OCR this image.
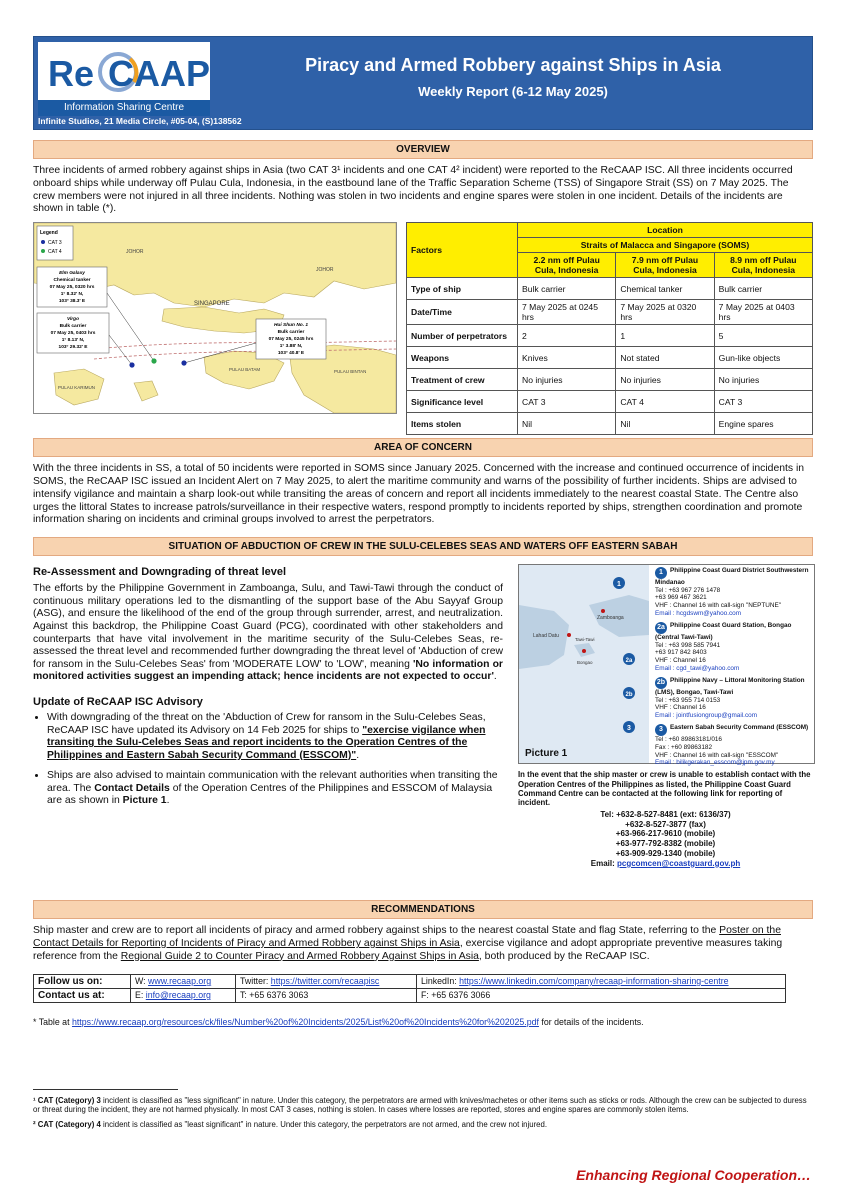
Re CAAP
Information Sharing Centre
Piracy and Armed Robbery against Ships in Asia
Weekly Report (6-12 May 2025)
Infinite Studios, 21 Media Circle, #05-04, (S)138562
OVERVIEW
Three incidents of armed robbery against ships in Asia (two CAT 3¹ incidents and one CAT 4² incident) were reported to the ReCAAP ISC. All three incidents occurred onboard ships while underway off Pulau Cula, Indonesia, in the eastbound lane of the Traffic Separation Scheme (TSS) of Singapore Strait (SS) on 7 May 2025. The crew members were not injured in all three incidents. Nothing was stolen in two incidents and engine spares were stolen in one incident. Details of the incidents are shown in table (*).
Legend
CAT 3
CAT 4	JOHOR
JOHOR
SINGAPORE
PULAU BATAM	PULAU BINTAN
PULAU KARIMUN
Elm Galaxy
Chemical tanker
07 May 25, 0320 hrs
1° 8.32' N,
103° 38.3' E
Virgo
Bulk carrier
07 May 25, 0403 hrs
1° 8.13' N,
103° 29.32' E
Hui Shun No. 1
Bulk carrier
07 May 25, 0245 hrs
1° 3.88' N,
103° 40.8' E
Factors	Location		
	Straits of Malacca and Singapore (SOMS)		
	2.2 nm off Pulau Cula, Indonesia	7.9 nm off Pulau Cula, Indonesia	8.9 nm off Pulau Cula, Indonesia
Type of ship	Bulk carrier	Chemical tanker	Bulk carrier
Date/Time	7 May 2025 at 0245 hrs	7 May 2025 at 0320 hrs	7 May 2025 at 0403 hrs
Number of perpetrators	2	1	5
Weapons	Knives	Not stated	Gun-like objects
Treatment of crew	No injuries	No injuries	No injuries
Significance level	CAT 3	CAT 4	CAT 3
Items stolen	Nil	Nil	Engine spares
AREA OF CONCERN
With the three incidents in SS, a total of 50 incidents were reported in SOMS since January 2025. Concerned with the increase and continued occurrence of incidents in SOMS, the ReCAAP ISC issued an Incident Alert on 7 May 2025, to alert the maritime community and warns of the possibility of further incidents. Ships are advised to intensify vigilance and maintain a sharp look-out while transiting the areas of concern and report all incidents immediately to the nearest coastal State. The Centre also urges the littoral States to increase patrols/surveillance in their respective waters, respond promptly to incidents reported by ships, strengthen coordination and promote information sharing on incidents and criminal groups involved to arrest the perpetrators.
SITUATION OF ABDUCTION OF CREW IN THE SULU-CELEBES SEAS AND WATERS OFF EASTERN SABAH
Re-Assessment and Downgrading of threat level
The efforts by the Philippine Government in Zamboanga, Sulu, and Tawi-Tawi through the conduct of continuous military operations led to the dismantling of the support base of the Abu Sayyaf Group (ASG), and ensure the likelihood of the end of the group through surrender, arrest, and neutralization. Against this backdrop, the Philippine Coast Guard (PCG), coordinated with other stakeholders and counterparts that have vital involvement in the maritime security of the Sulu-Celebes Seas, re-assessed the threat level and recommended further downgrading the threat level of 'Abduction of crew for ransom in the Sulu-Celebes Seas' from 'MODERATE LOW' to 'LOW', meaning 'No information or monitored activities suggest an impending attack; hence incidents are not expected to occur'.
Update of ReCAAP ISC Advisory
• With downgrading of the threat on the 'Abduction of Crew for ransom in the Sulu-Celebes Seas, ReCAAP ISC have updated its Advisory on 14 Feb 2025 for ships to "exercise vigilance when transiting the Sulu-Celebes Seas and report incidents to the Operation Centres of the Philippines and Eastern Sabah Security Command (ESSCOM)".
• Ships are also advised to maintain communication with the relevant authorities when transiting the area. The Contact Details of the Operation Centres of the Philippines and ESSCOM of Malaysia are as shown in Picture 1.
1
2a
2b
3
Zamboanga
Lahad Datu
Bongao
Tawi-Tawi
Picture 1
1 Philippine Coast Guard District Southwestern Mindanao
Tel : +63 967 276 1478
+63 969 467 3621
VHF : Channel 16 with call-sign "NEPTUNE"
Email : hcgdswm@yahoo.com
2a Philippine Coast Guard Station, Bongao (Central Tawi-Tawi)
Tel : +63 998 585 7941
+63 917 842 8403
VHF : Channel 16
Email : cgd_tawi@yahoo.com
2b Philippine Navy – Littoral Monitoring Station (LMS), Bongao, Tawi-Tawi
Tel : +63 955 714 0153
VHF : Channel 16
Email : jointfusiongroup@gmail.com
3 Eastern Sabah Security Command (ESSCOM)
Tel : +60 89863181/016
Fax : +60 89863182
VHF : Channel 16 with call-sign "ESSCOM"
Email : bilikgerakan_esscom@jpm.gov.my
In the event that the ship master or crew is unable to establish contact with the Operation Centres of the Philippines as listed, the Philippine Coast Guard Command Centre can be contacted at the following link for reporting of incident.
Tel: +632-8-527-8481 (ext: 6136/37)
+632-8-527-3877 (fax)
+63-966-217-9610 (mobile)
+63-977-792-8382 (mobile)
+63-909-929-1340 (mobile)
Email: pcgcomcen@coastguard.gov.ph
RECOMMENDATIONS
Ship master and crew are to report all incidents of piracy and armed robbery against ships to the nearest coastal State and flag State, referring to the Poster on the Contact Details for Reporting of Incidents of Piracy and Armed Robbery against Ships in Asia, exercise vigilance and adopt appropriate preventive measures taking reference from the Regional Guide 2 to Counter Piracy and Armed Robbery Against Ships in Asia, both produced by the ReCAAP ISC.
Follow us on:	W: www.recaap.org	Twitter: https://twitter.com/recaapisc	LinkedIn: https://www.linkedin.com/company/recaap-information-sharing-centre
Contact us at:	E: info@recaap.org	T: +65 6376 3063	F: +65 6376 3066
* Table at https://www.recaap.org/resources/ck/files/Number%20of%20Incidents/2025/List%20of%20Incidents%20for%202025.pdf for details of the incidents.
¹ CAT (Category) 3 incident is classified as "less significant" in nature. Under this category, the perpetrators are armed with knives/machetes or other items such as sticks or rods. Although the crew can be subjected to duress or threat during the incident, they are not harmed physically. In most CAT 3 cases, nothing is stolen. In cases where losses are reported, stores and engine spares are commonly stolen items.
² CAT (Category) 4 incident is classified as "least significant" in nature. Under this category, the perpetrators are not armed, and the crew not injured.
Enhancing Regional Cooperation…
